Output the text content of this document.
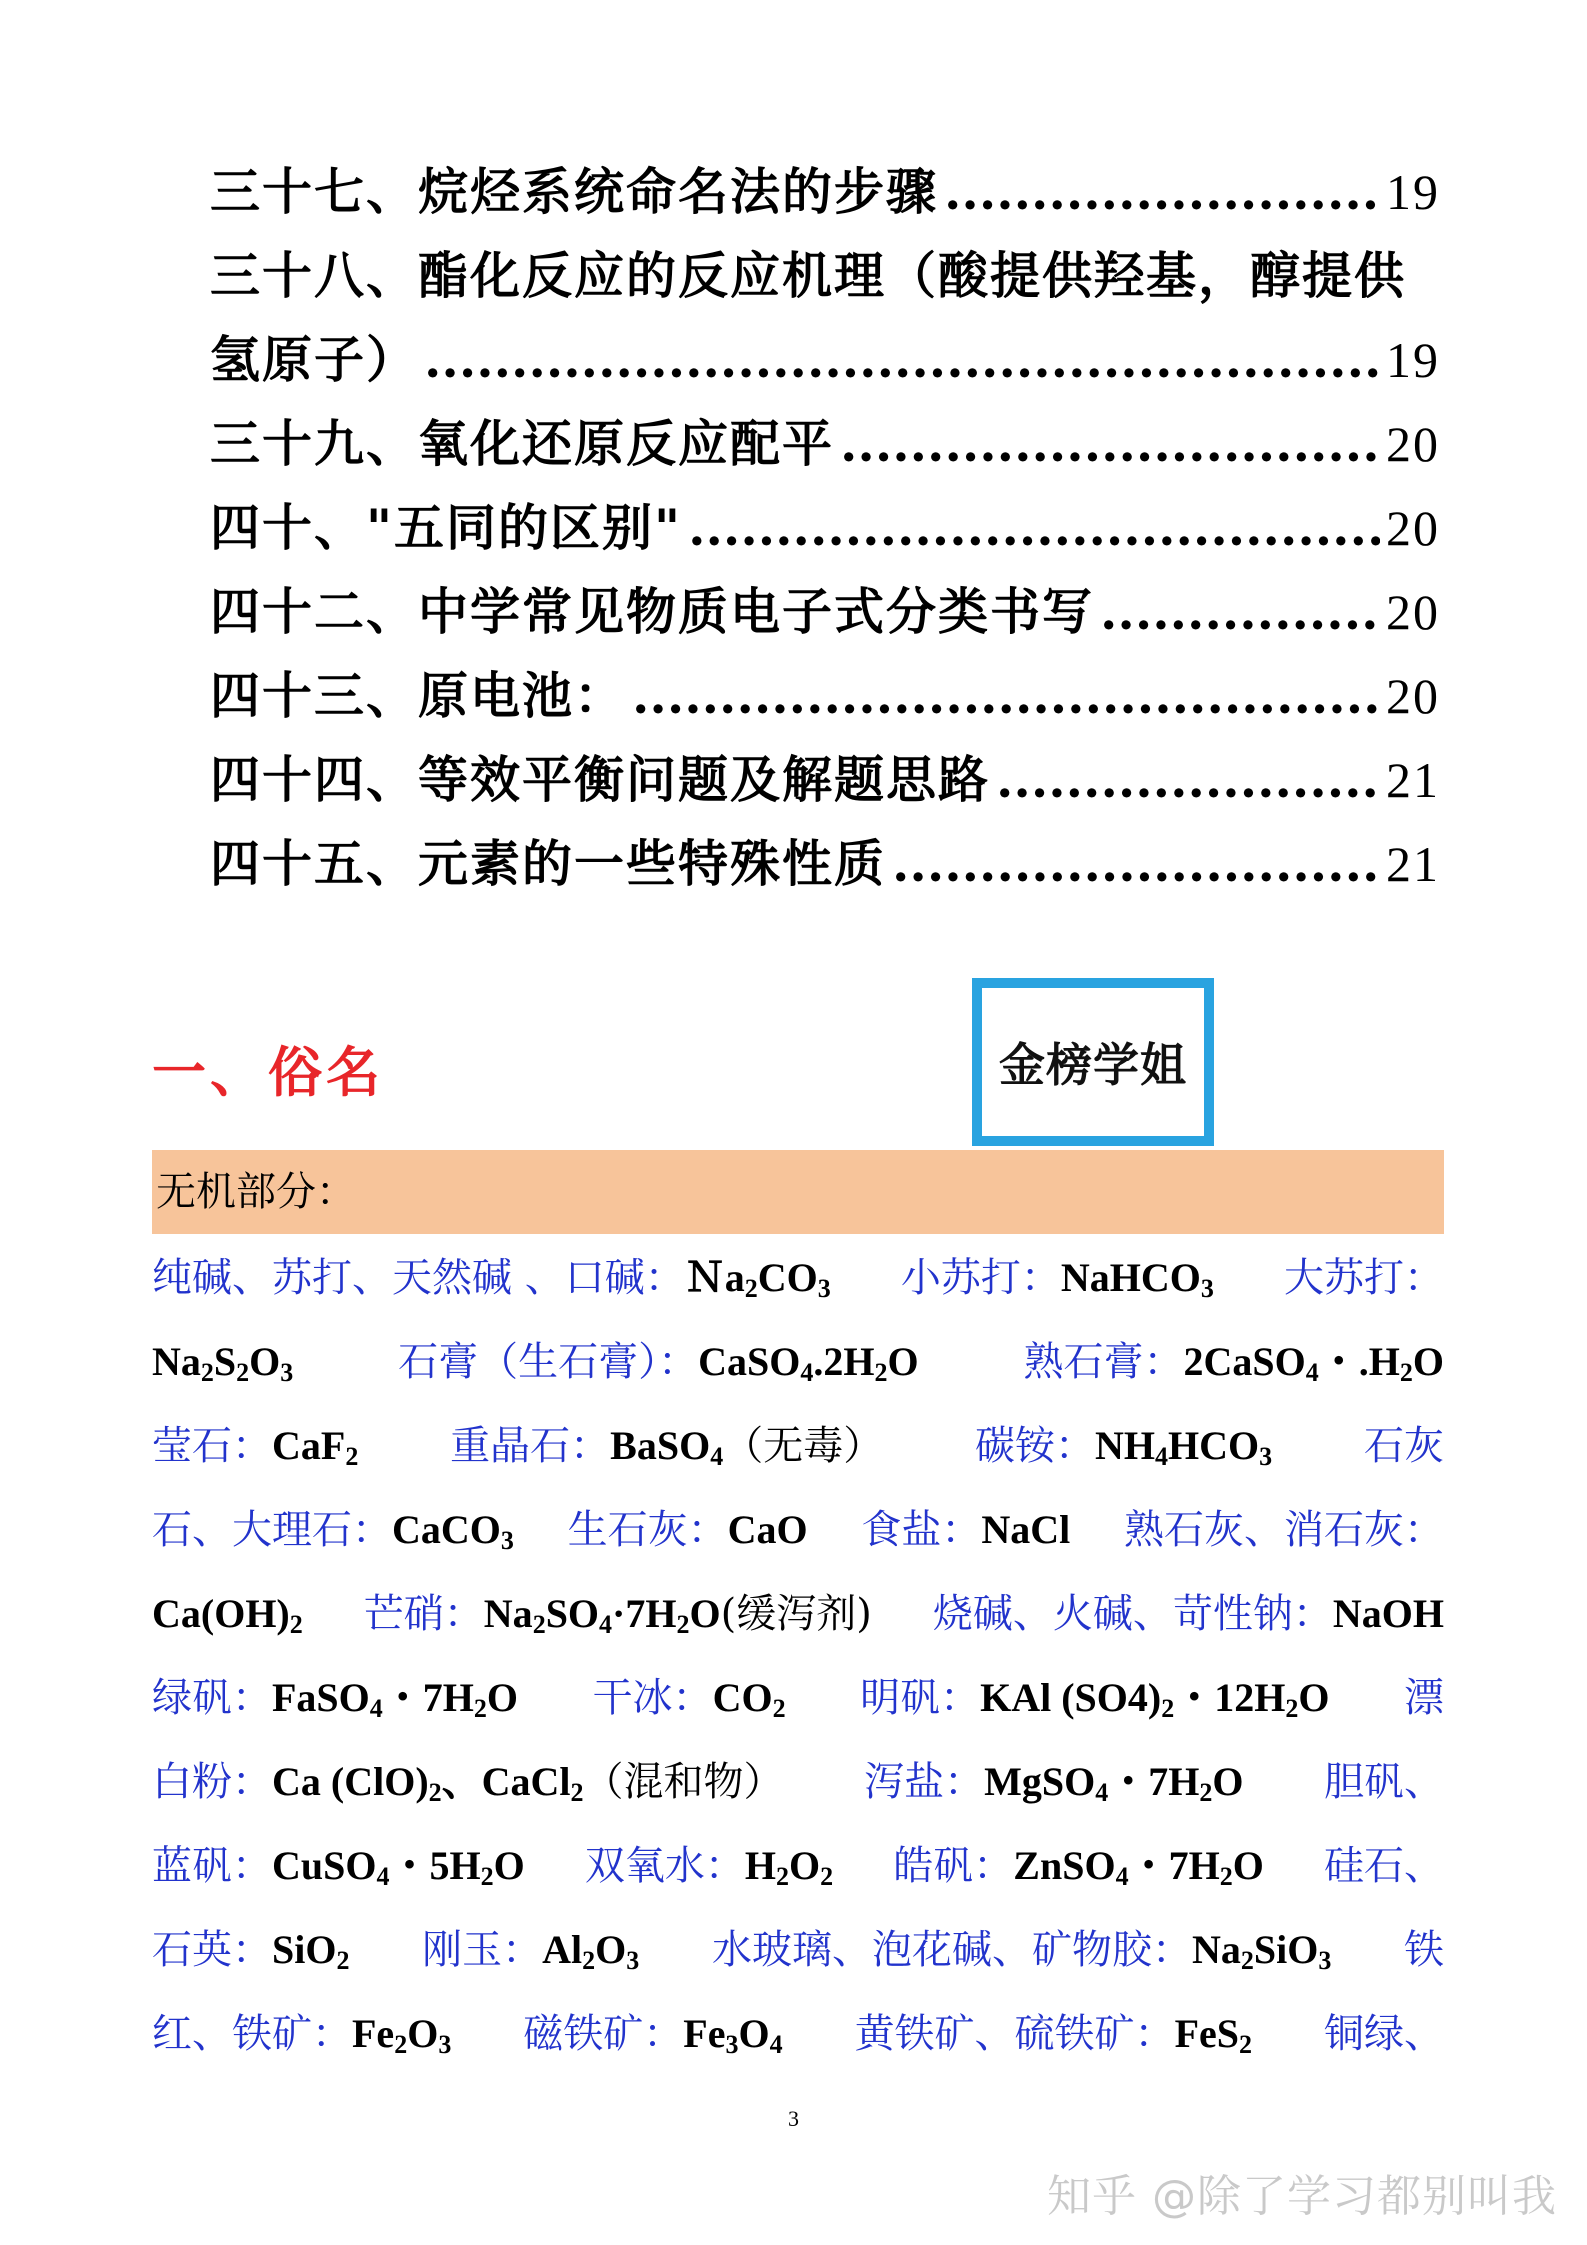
三十七、烷烃系统命名法的步骤 .....	19
三十八、酯化反应的反应机理（酸提供羟基，醇提供
氢原子） .....	19
三十九、氧化还原反应配平 .....	20
四十、"五同的区别" .....	20
四十二、中学常见物质电子式分类书写 .....	20
四十三、原电池： .....	20
四十四、等效平衡问题及解题思路 .....	21
四十五、元素的一些特殊性质 .....	21
一、俗名	金榜学姐
无机部分：
纯碱、苏打、天然碱 、口碱：$Na_2CO_3$ 小苏打：NaHCO$_3$ 大苏打：
$Na_2S_2O_3$	石膏（生石膏）：$CaSO_4.2H_2O$	熟石膏：2CaSO$_4$・$.H_2O$
莹石：CaF$_2$ 重晶石：BaSO$_4$（无毒） 碳铵：$NH_4HCO_3$ 石灰
石、大理石：CaCO$_3$ 生石灰：CaO 食盐：NaCl 熟石灰、消石灰：
$Ca(OH)_2$ 芒硝：$Na_2SO_4\cdot 7H_2O$(缓泻剂) 烧碱、火碱、苛性钠：NaOH
绿矾：FaSO$_4$・$7H_2O$ 干冰：$CO_2$ 明矾：KAl $(SO4)_2$・$12H_2O$ 漂
白粉：Ca $(ClO)_2$、CaCl$_2$（混和物） 泻盐：MgSO$_4$・$7H_2O$ 胆矾、
蓝矾：CuSO$_4$・$5H_2O$ 双氧水：$H_2O_2$ 皓矾：ZnSO$_4$・$7H_2O$ 硅石、
石英：SiO$_2$ 刚玉：$Al_2O_3$ 水玻璃、泡花碱、矿物胶：$Na_2SiO_3$ 铁
红、铁矿：$Fe_2O_3$ 磁铁矿：$Fe_3O_4$ 黄铁矿、硫铁矿：FeS$_2$ 铜绿、
3
知乎 @除了学习都别叫我
